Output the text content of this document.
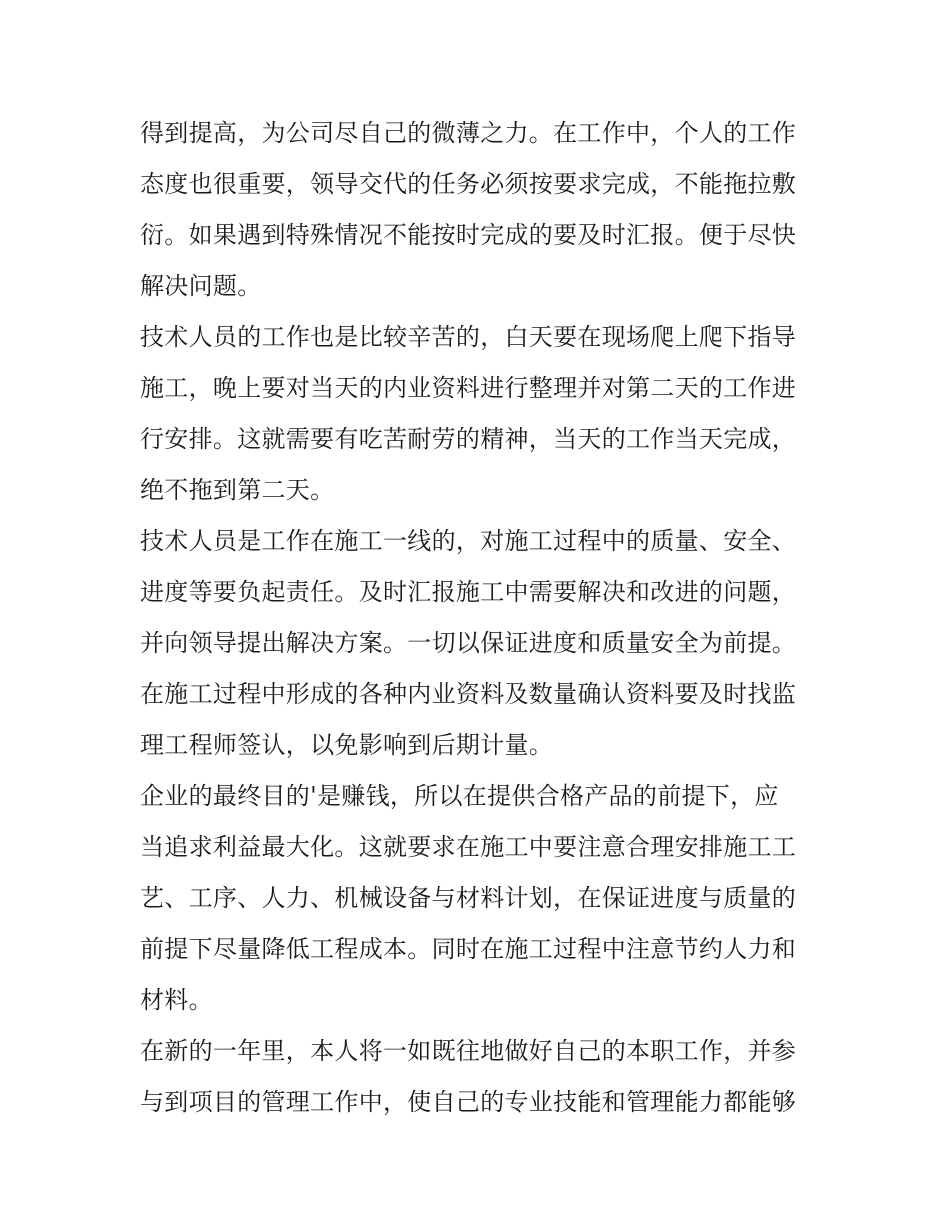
得到提高，为公司尽自己的微薄之力。在工作中，个人的工作
态度也很重要，领导交代的任务必须按要求完成，不能拖拉敷
衍。如果遇到特殊情况不能按时完成的要及时汇报。便于尽快
解决问题。
技术人员的工作也是比较辛苦的，白天要在现场爬上爬下指导
施工，晚上要对当天的内业资料进行整理并对第二天的工作进
行安排。这就需要有吃苦耐劳的精神，当天的工作当天完成，
绝不拖到第二天。
技术人员是工作在施工一线的，对施工过程中的质量、安全、
进度等要负起责任。及时汇报施工中需要解决和改进的问题，
并向领导提出解决方案。一切以保证进度和质量安全为前提。
在施工过程中形成的各种内业资料及数量确认资料要及时找监
理工程师签认，以免影响到后期计量。
企业的最终目的'是赚钱，所以在提供合格产品的前提下，应
当追求利益最大化。这就要求在施工中要注意合理安排施工工
艺、工序、人力、机械设备与材料计划，在保证进度与质量的
前提下尽量降低工程成本。同时在施工过程中注意节约人力和
材料。
在新的一年里，本人将一如既往地做好自己的本职工作，并参
与到项目的管理工作中，使自己的专业技能和管理能力都能够
